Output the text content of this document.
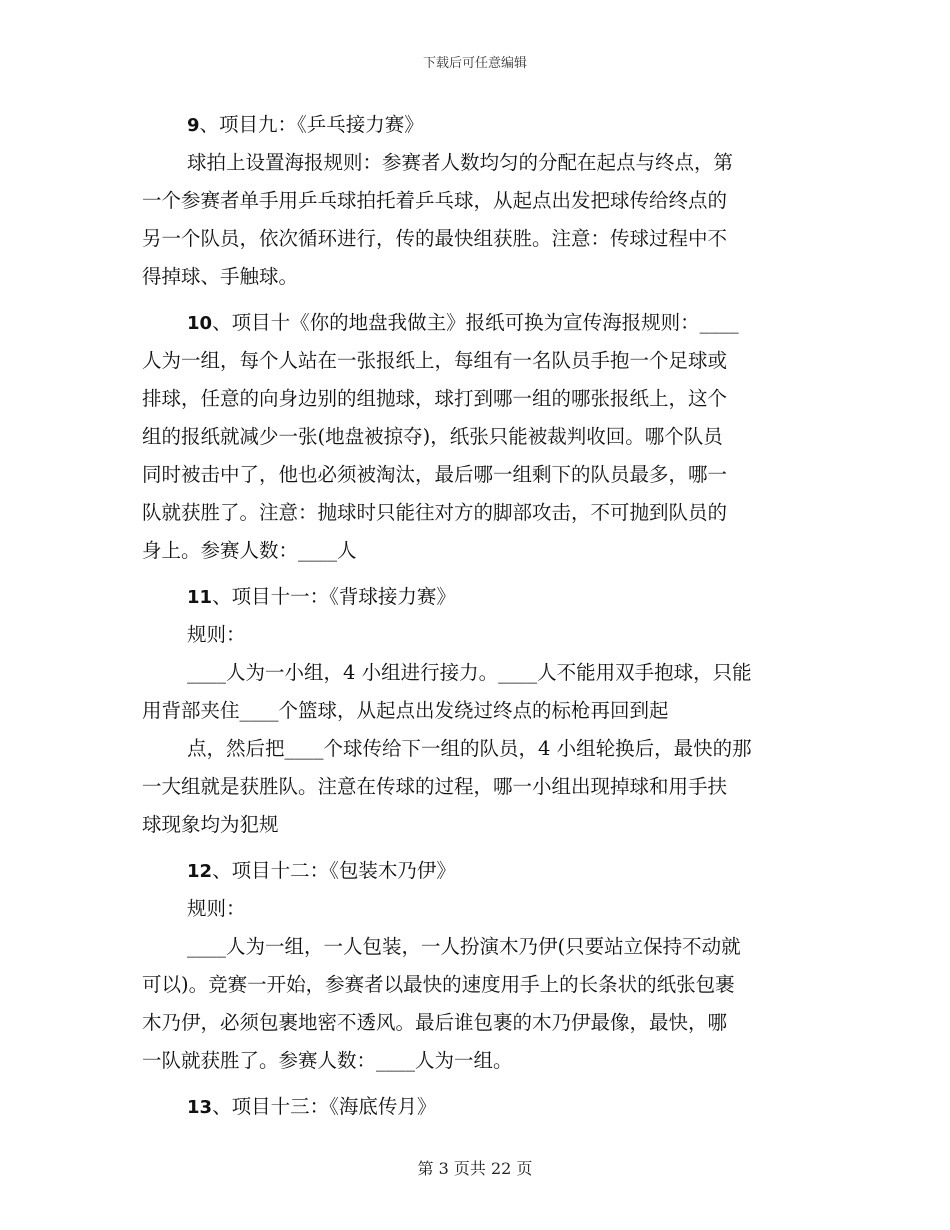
下载后可任意编辑
9、项目九：《乒乓接力赛》
球拍上设置海报规则：参赛者人数均匀的分配在起点与终点，第
一个参赛者单手用乒乓球拍托着乒乓球，从起点出发把球传给终点的
另一个队员，依次循环进行，传的最快组获胜。注意：传球过程中不
得掉球、手触球。
10、项目十《你的地盘我做主》报纸可换为宣传海报规则：____
人为一组，每个人站在一张报纸上，每组有一名队员手抱一个足球或
排球，任意的向身边别的组抛球，球打到哪一组的哪张报纸上，这个
组的报纸就减少一张(地盘被掠夺)，纸张只能被裁判收回。哪个队员
同时被击中了，他也必须被淘汰，最后哪一组剩下的队员最多，哪一
队就获胜了。注意：抛球时只能往对方的脚部攻击，不可抛到队员的
身上。参赛人数：____人
11、项目十一：《背球接力赛》
规则：
____人为一小组，4 小组进行接力。____人不能用双手抱球，只能
用背部夹住____个篮球，从起点出发绕过终点的标枪再回到起
点，然后把____个球传给下一组的队员，4 小组轮换后，最快的那
一大组就是获胜队。注意在传球的过程，哪一小组出现掉球和用手扶
球现象均为犯规
12、项目十二：《包装木乃伊》
规则：
____人为一组，一人包装，一人扮演木乃伊(只要站立保持不动就
可以)。竞赛一开始，参赛者以最快的速度用手上的长条状的纸张包裹
木乃伊，必须包裹地密不透风。最后谁包裹的木乃伊最像，最快，哪
一队就获胜了。参赛人数：____人为一组。
13、项目十三：《海底传月》
第 3 页共 22 页
